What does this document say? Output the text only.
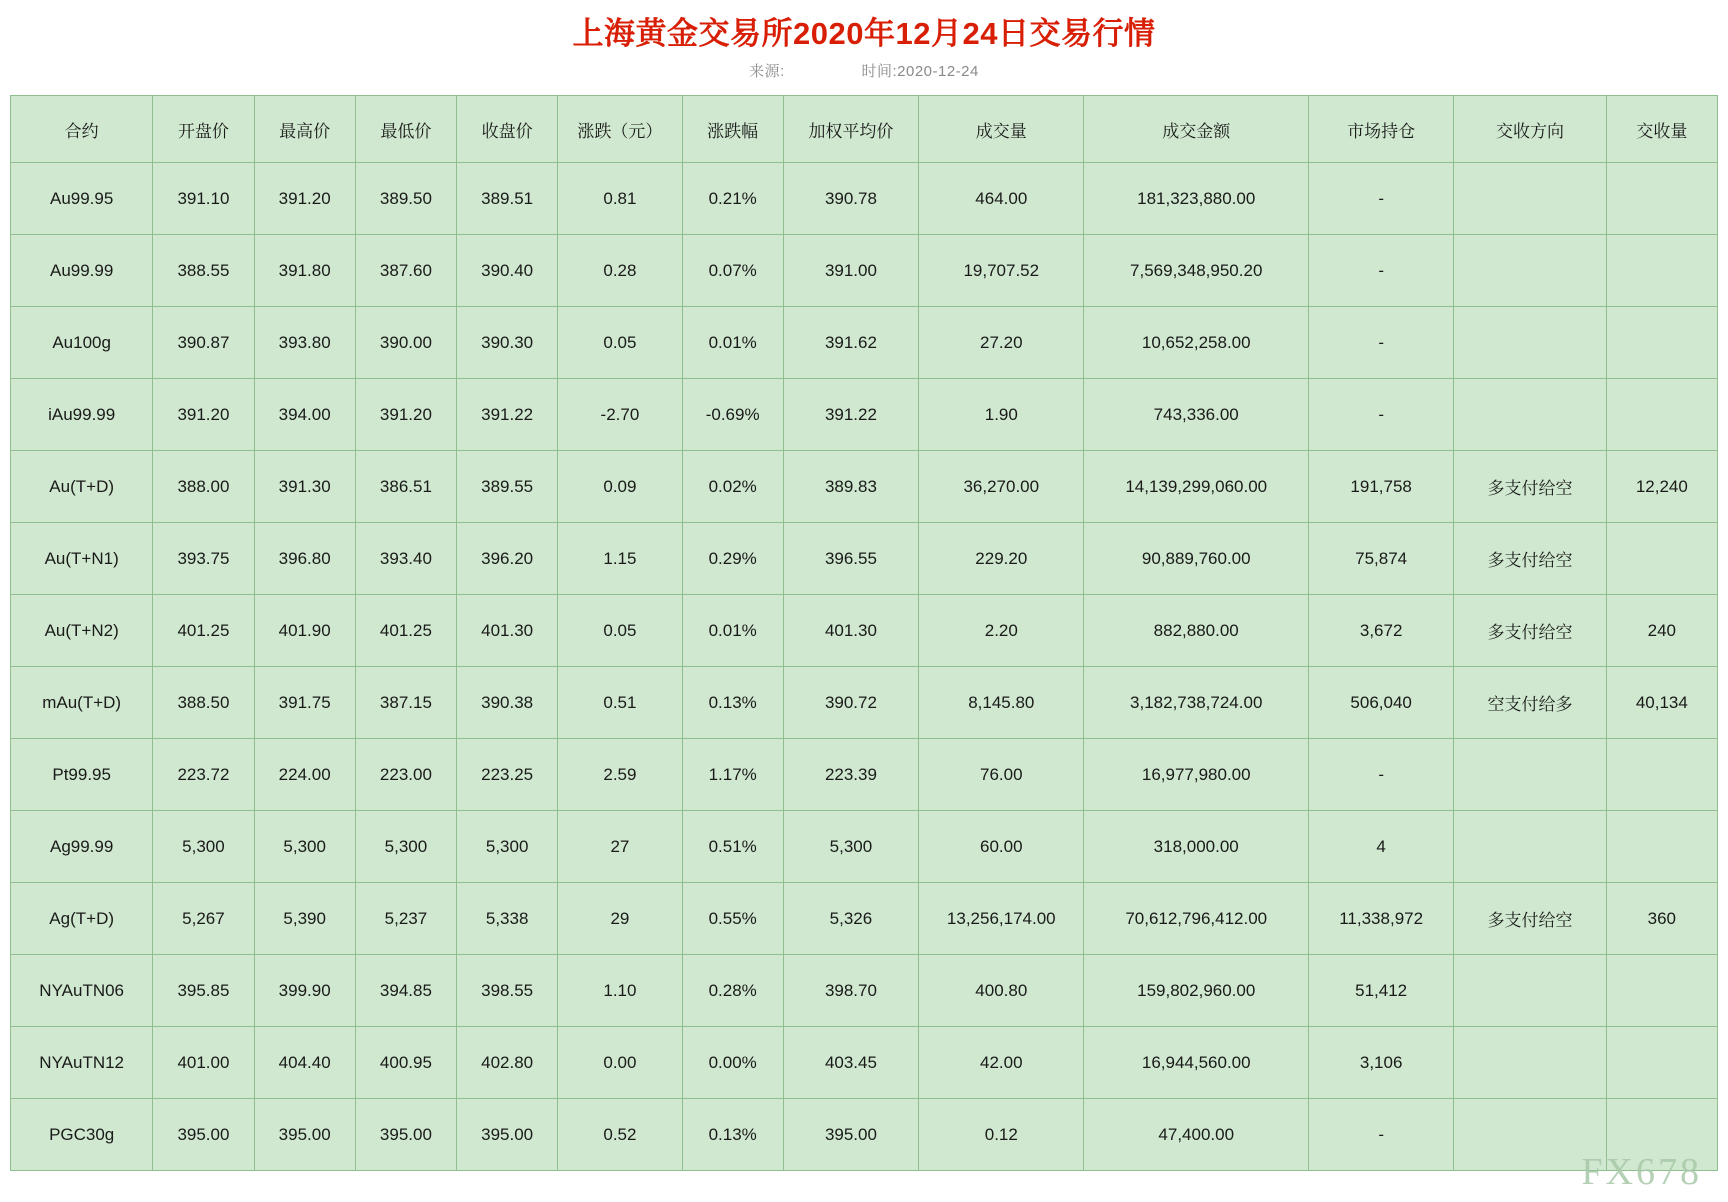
上海黄金交易所2020年12月24日交易行情
来源:	时间:2020-12-24
合约	开盘价	最高价	最低价	收盘价	涨跌（元）	涨跌幅	加权平均价	成交量	成交金额	市场持仓	交收方向	交收量
Au99.95	391.10	391.20	389.50	389.51	0.81	0.21%	390.78	464.00	181,323,880.00	-		
Au99.99	388.55	391.80	387.60	390.40	0.28	0.07%	391.00	19,707.52	7,569,348,950.20	-		
Au100g	390.87	393.80	390.00	390.30	0.05	0.01%	391.62	27.20	10,652,258.00	-		
iAu99.99	391.20	394.00	391.20	391.22	-2.70	-0.69%	391.22	1.90	743,336.00	-		
Au(T+D)	388.00	391.30	386.51	389.55	0.09	0.02%	389.83	36,270.00	14,139,299,060.00	191,758	多支付给空	12,240
Au(T+N1)	393.75	396.80	393.40	396.20	1.15	0.29%	396.55	229.20	90,889,760.00	75,874	多支付给空	
Au(T+N2)	401.25	401.90	401.25	401.30	0.05	0.01%	401.30	2.20	882,880.00	3,672	多支付给空	240
mAu(T+D)	388.50	391.75	387.15	390.38	0.51	0.13%	390.72	8,145.80	3,182,738,724.00	506,040	空支付给多	40,134
Pt99.95	223.72	224.00	223.00	223.25	2.59	1.17%	223.39	76.00	16,977,980.00	-		
Ag99.99	5,300	5,300	5,300	5,300	27	0.51%	5,300	60.00	318,000.00	4		
Ag(T+D)	5,267	5,390	5,237	5,338	29	0.55%	5,326	13,256,174.00	70,612,796,412.00	11,338,972	多支付给空	360
NYAuTN06	395.85	399.90	394.85	398.55	1.10	0.28%	398.70	400.80	159,802,960.00	51,412		
NYAuTN12	401.00	404.40	400.95	402.80	0.00	0.00%	403.45	42.00	16,944,560.00	3,106		
PGC30g	395.00	395.00	395.00	395.00	0.52	0.13%	395.00	0.12	47,400.00	-		
FX678
